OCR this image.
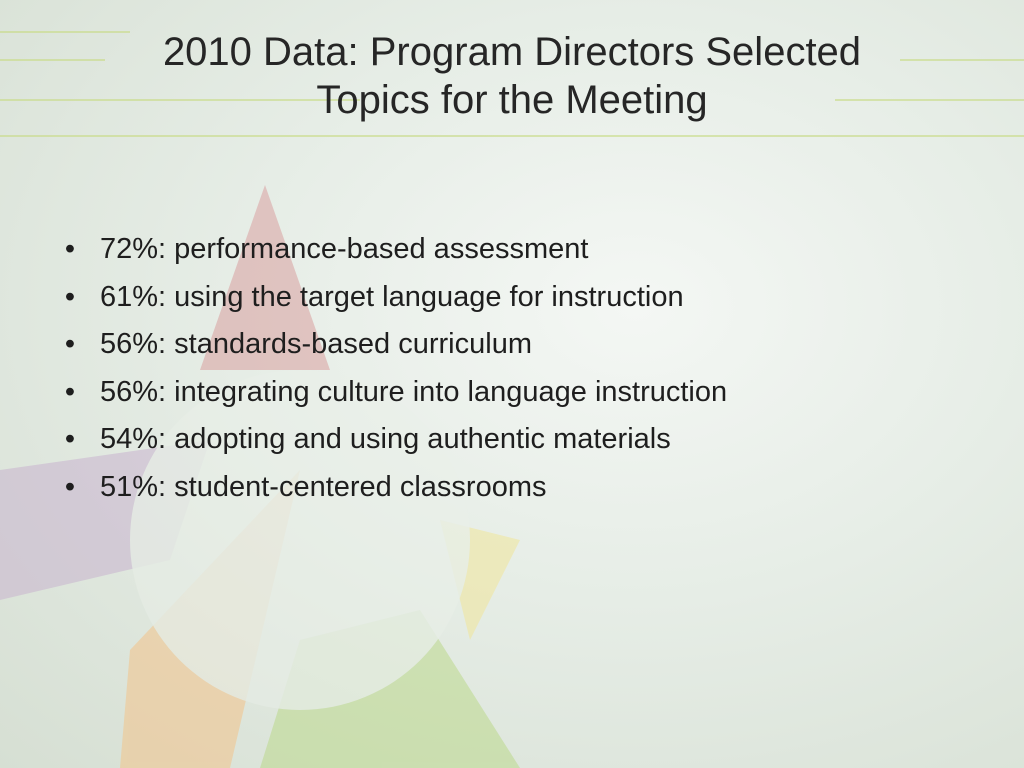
2010 Data: Program Directors Selected
Topics for the Meeting
• 72%: performance-based assessment
• 61%: using the target language for instruction
• 56%: standards-based curriculum
• 56%: integrating culture into language instruction
• 54%: adopting and using authentic materials
• 51%: student-centered classrooms
